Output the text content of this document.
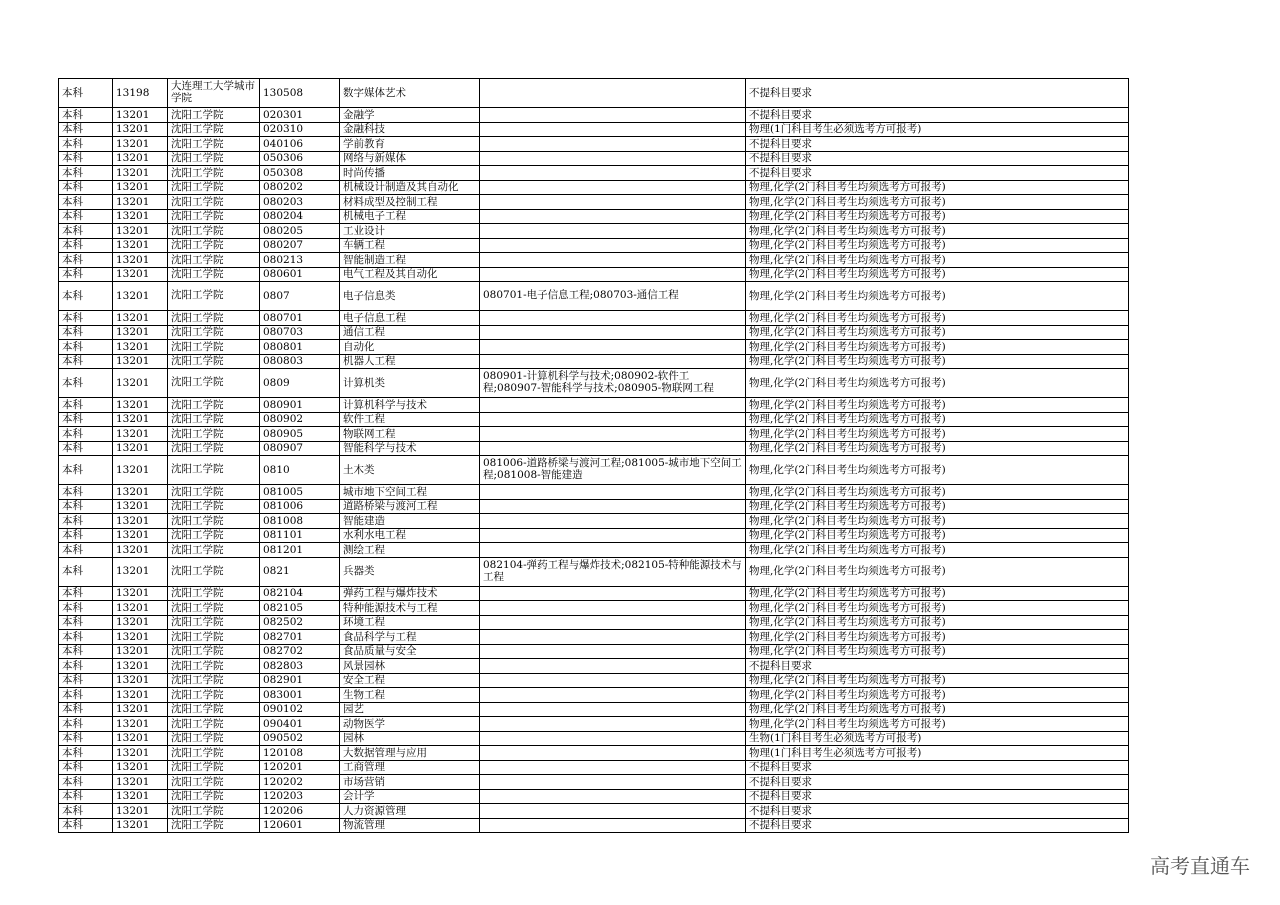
本科	13198	大连理工大学城市学院	130508	数字媒体艺术		不提科目要求
本科	13201	沈阳工学院	020301	金融学		不提科目要求
本科	13201	沈阳工学院	020310	金融科技		物理(1门科目考生必须选考方可报考)
本科	13201	沈阳工学院	040106	学前教育		不提科目要求
本科	13201	沈阳工学院	050306	网络与新媒体		不提科目要求
本科	13201	沈阳工学院	050308	时尚传播		不提科目要求
本科	13201	沈阳工学院	080202	机械设计制造及其自动化		物理,化学(2门科目考生均须选考方可报考)
本科	13201	沈阳工学院	080203	材料成型及控制工程		物理,化学(2门科目考生均须选考方可报考)
本科	13201	沈阳工学院	080204	机械电子工程		物理,化学(2门科目考生均须选考方可报考)
本科	13201	沈阳工学院	080205	工业设计		物理,化学(2门科目考生均须选考方可报考)
本科	13201	沈阳工学院	080207	车辆工程		物理,化学(2门科目考生均须选考方可报考)
本科	13201	沈阳工学院	080213	智能制造工程		物理,化学(2门科目考生均须选考方可报考)
本科	13201	沈阳工学院	080601	电气工程及其自动化		物理,化学(2门科目考生均须选考方可报考)
本科	13201	沈阳工学院	0807	电子信息类	080701-电子信息工程;080703-通信工程	物理,化学(2门科目考生均须选考方可报考)
本科	13201	沈阳工学院	080701	电子信息工程		物理,化学(2门科目考生均须选考方可报考)
本科	13201	沈阳工学院	080703	通信工程		物理,化学(2门科目考生均须选考方可报考)
本科	13201	沈阳工学院	080801	自动化		物理,化学(2门科目考生均须选考方可报考)
本科	13201	沈阳工学院	080803	机器人工程		物理,化学(2门科目考生均须选考方可报考)
本科	13201	沈阳工学院	0809	计算机类	080901-计算机科学与技术;080902-软件工程;080907-智能科学与技术;080905-物联网工程	物理,化学(2门科目考生均须选考方可报考)
本科	13201	沈阳工学院	080901	计算机科学与技术		物理,化学(2门科目考生均须选考方可报考)
本科	13201	沈阳工学院	080902	软件工程		物理,化学(2门科目考生均须选考方可报考)
本科	13201	沈阳工学院	080905	物联网工程		物理,化学(2门科目考生均须选考方可报考)
本科	13201	沈阳工学院	080907	智能科学与技术		物理,化学(2门科目考生均须选考方可报考)
本科	13201	沈阳工学院	0810	土木类	081006-道路桥梁与渡河工程;081005-城市地下空间工程;081008-智能建造	物理,化学(2门科目考生均须选考方可报考)
本科	13201	沈阳工学院	081005	城市地下空间工程		物理,化学(2门科目考生均须选考方可报考)
本科	13201	沈阳工学院	081006	道路桥梁与渡河工程		物理,化学(2门科目考生均须选考方可报考)
本科	13201	沈阳工学院	081008	智能建造		物理,化学(2门科目考生均须选考方可报考)
本科	13201	沈阳工学院	081101	水利水电工程		物理,化学(2门科目考生均须选考方可报考)
本科	13201	沈阳工学院	081201	测绘工程		物理,化学(2门科目考生均须选考方可报考)
本科	13201	沈阳工学院	0821	兵器类	082104-弹药工程与爆炸技术;082105-特种能源技术与工程	物理,化学(2门科目考生均须选考方可报考)
本科	13201	沈阳工学院	082104	弹药工程与爆炸技术		物理,化学(2门科目考生均须选考方可报考)
本科	13201	沈阳工学院	082105	特种能源技术与工程		物理,化学(2门科目考生均须选考方可报考)
本科	13201	沈阳工学院	082502	环境工程		物理,化学(2门科目考生均须选考方可报考)
本科	13201	沈阳工学院	082701	食品科学与工程		物理,化学(2门科目考生均须选考方可报考)
本科	13201	沈阳工学院	082702	食品质量与安全		物理,化学(2门科目考生均须选考方可报考)
本科	13201	沈阳工学院	082803	风景园林		不提科目要求
本科	13201	沈阳工学院	082901	安全工程		物理,化学(2门科目考生均须选考方可报考)
本科	13201	沈阳工学院	083001	生物工程		物理,化学(2门科目考生均须选考方可报考)
本科	13201	沈阳工学院	090102	园艺		物理,化学(2门科目考生均须选考方可报考)
本科	13201	沈阳工学院	090401	动物医学		物理,化学(2门科目考生均须选考方可报考)
本科	13201	沈阳工学院	090502	园林		生物(1门科目考生必须选考方可报考)
本科	13201	沈阳工学院	120108	大数据管理与应用		物理(1门科目考生必须选考方可报考)
本科	13201	沈阳工学院	120201	工商管理		不提科目要求
本科	13201	沈阳工学院	120202	市场营销		不提科目要求
本科	13201	沈阳工学院	120203	会计学		不提科目要求
本科	13201	沈阳工学院	120206	人力资源管理		不提科目要求
本科	13201	沈阳工学院	120601	物流管理		不提科目要求
高考直通车
